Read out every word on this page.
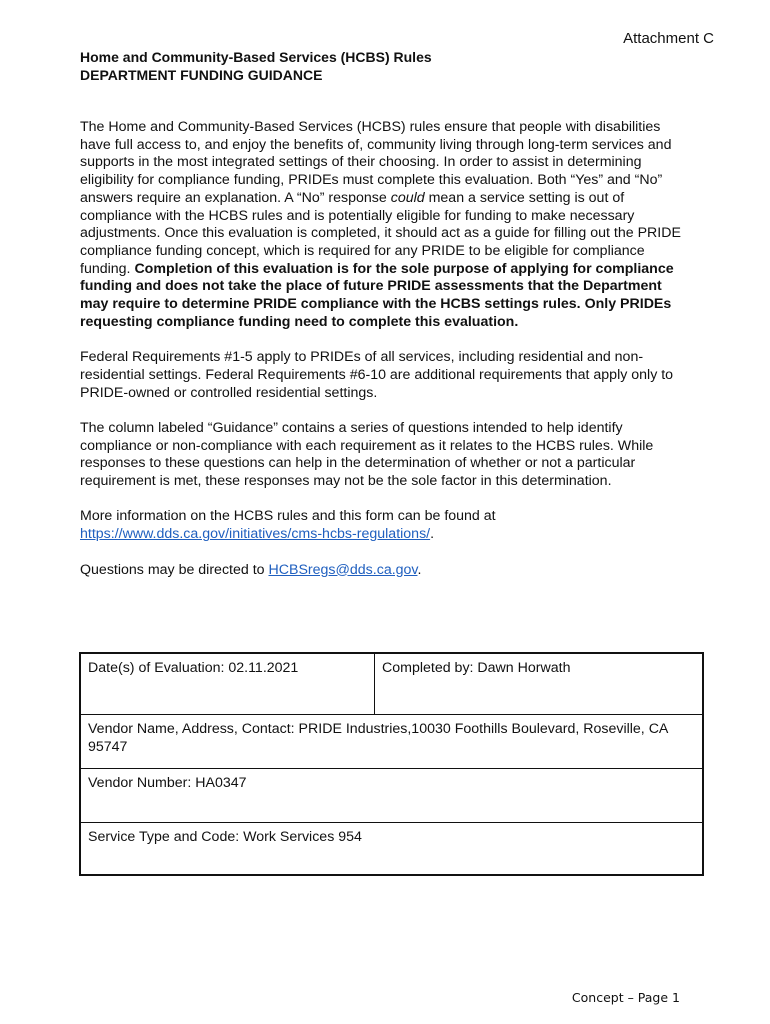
Attachment C
Home and Community-Based Services (HCBS) Rules
DEPARTMENT FUNDING GUIDANCE

The Home and Community-Based Services (HCBS) rules ensure that people with disabilities have full access to, and enjoy the benefits of, community living through long-term services and supports in the most integrated settings of their choosing. In order to assist in determining eligibility for compliance funding, PRIDEs must complete this evaluation. Both “Yes” and “No” answers require an explanation. A “No” response could mean a service setting is out of compliance with the HCBS rules and is potentially eligible for funding to make necessary adjustments. Once this evaluation is completed, it should act as a guide for filling out the PRIDE compliance funding concept, which is required for any PRIDE to be eligible for compliance funding. Completion of this evaluation is for the sole purpose of applying for compliance funding and does not take the place of future PRIDE assessments that the Department may require to determine PRIDE compliance with the HCBS settings rules. Only PRIDEs requesting compliance funding need to complete this evaluation.

Federal Requirements #1-5 apply to PRIDEs of all services, including residential and non-residential settings. Federal Requirements #6-10 are additional requirements that apply only to PRIDE-owned or controlled residential settings.

The column labeled “Guidance” contains a series of questions intended to help identify compliance or non-compliance with each requirement as it relates to the HCBS rules. While responses to these questions can help in the determination of whether or not a particular requirement is met, these responses may not be the sole factor in this determination.

More information on the HCBS rules and this form can be found at
https://www.dds.ca.gov/initiatives/cms-hcbs-regulations/.

Questions may be directed to HCBSregs@dds.ca.gov.

Date(s) of Evaluation: 02.11.2021	Completed by: Dawn Horwath
Vendor Name, Address, Contact: PRIDE Industries,10030 Foothills Boulevard, Roseville, CA 95747
Vendor Number: HA0347
Service Type and Code: Work Services 954
Concept – Page 1
